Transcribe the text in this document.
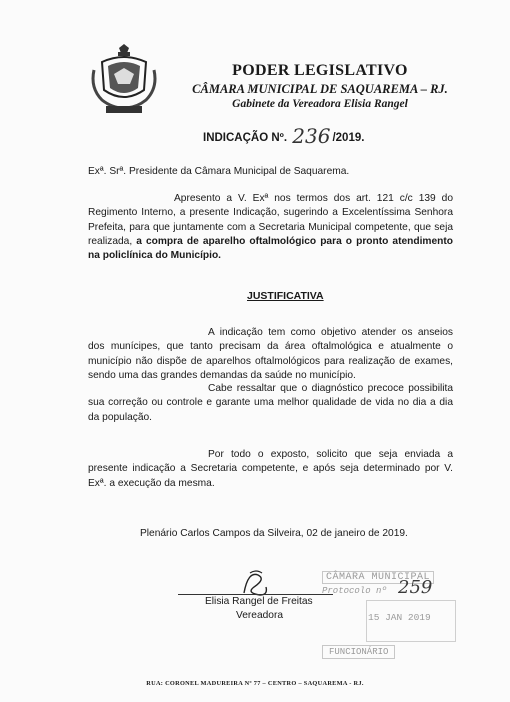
PODER LEGISLATIVO
CÂMARA MUNICIPAL DE SAQUAREMA – RJ.
Gabinete da Vereadora Elisia Rangel
INDICAÇÃO Nº. 236 /2019.
Exª. Srª. Presidente da Câmara Municipal de Saquarema.
Apresento a V. Exª nos termos dos art. 121 c/c 139 do Regimento Interno, a presente Indicação, sugerindo a Excelentíssima Senhora Prefeita, para que juntamente com a Secretaria Municipal competente, que seja realizada, a compra de aparelho oftalmológico para o pronto atendimento na policlínica do Município.
JUSTIFICATIVA
A indicação tem como objetivo atender os anseios dos munícipes, que tanto precisam da área oftalmológica e atualmente o município não dispõe de aparelhos oftalmológicos para realização de exames, sendo uma das grandes demandas da saúde no município.
Cabe ressaltar que o diagnóstico precoce possibilita sua correção ou controle e garante uma melhor qualidade de vida no dia a dia da população.
Por todo o exposto, solicito que seja enviada a presente indicação a Secretaria competente, e após seja determinado por V. Exª. a execução da mesma.
Plenário Carlos Campos da Silveira, 02 de janeiro de 2019.
Elisia Rangel de Freitas
Vereadora
CÂMARA MUNICIPAL
Protocolo nº 259
15 JAN 2019
FUNCIONÁRIO
RUA: CORONEL MADUREIRA Nº 77 – CENTRO – SAQUAREMA - RJ.
